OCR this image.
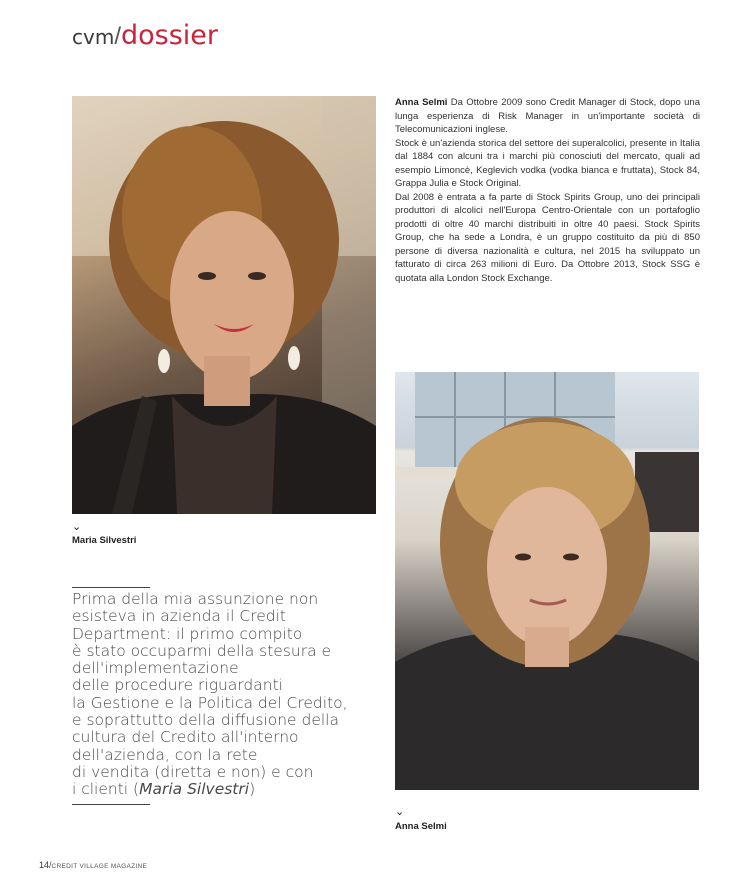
cvm/dossier
⌄
Maria Silvestri

Anna Selmi Da Ottobre 2009 sono Credit Manager di Stock, dopo una lunga esperienza di Risk Manager in un'importante società di Telecomunicazioni inglese.

Stock è un'azienda storica del settore dei superalcolici, presente in Italia dal 1884 con alcuni tra i marchi più conosciuti del mercato, quali ad esempio Limoncè, Keglevich vodka (vodka bianca e fruttata), Stock 84, Grappa Julia e Stock Original.

Dal 2008 è entrata a fa parte di Stock Spirits Group, uno dei principali produttori di alcolici nell'Europa Centro-Orientale con un portafoglio prodotti di oltre 40 marchi distribuiti in oltre 40 paesi. Stock Spirits Group, che ha sede a Londra, è un gruppo costituito da più di 850 persone di diversa nazionalità e cultura, nel 2015 ha sviluppato un fatturato di circa 263 milioni di Euro. Da Ottobre 2013, Stock SSG è quotata alla London Stock Exchange.

⌄
Anna Selmi
Prima della mia assunzione non
esisteva in azienda il Credit
Department: il primo compito
è stato occuparmi della stesura e
dell'implementazione
delle procedure riguardanti
la Gestione e la Politica del Credito,
e soprattutto della diffusione della
cultura del Credito all'interno
dell'azienda, con la rete
di vendita (diretta e non) e con
i clienti (Maria Silvestri)
14/CREDIT VILLAGE MAGAZINE
